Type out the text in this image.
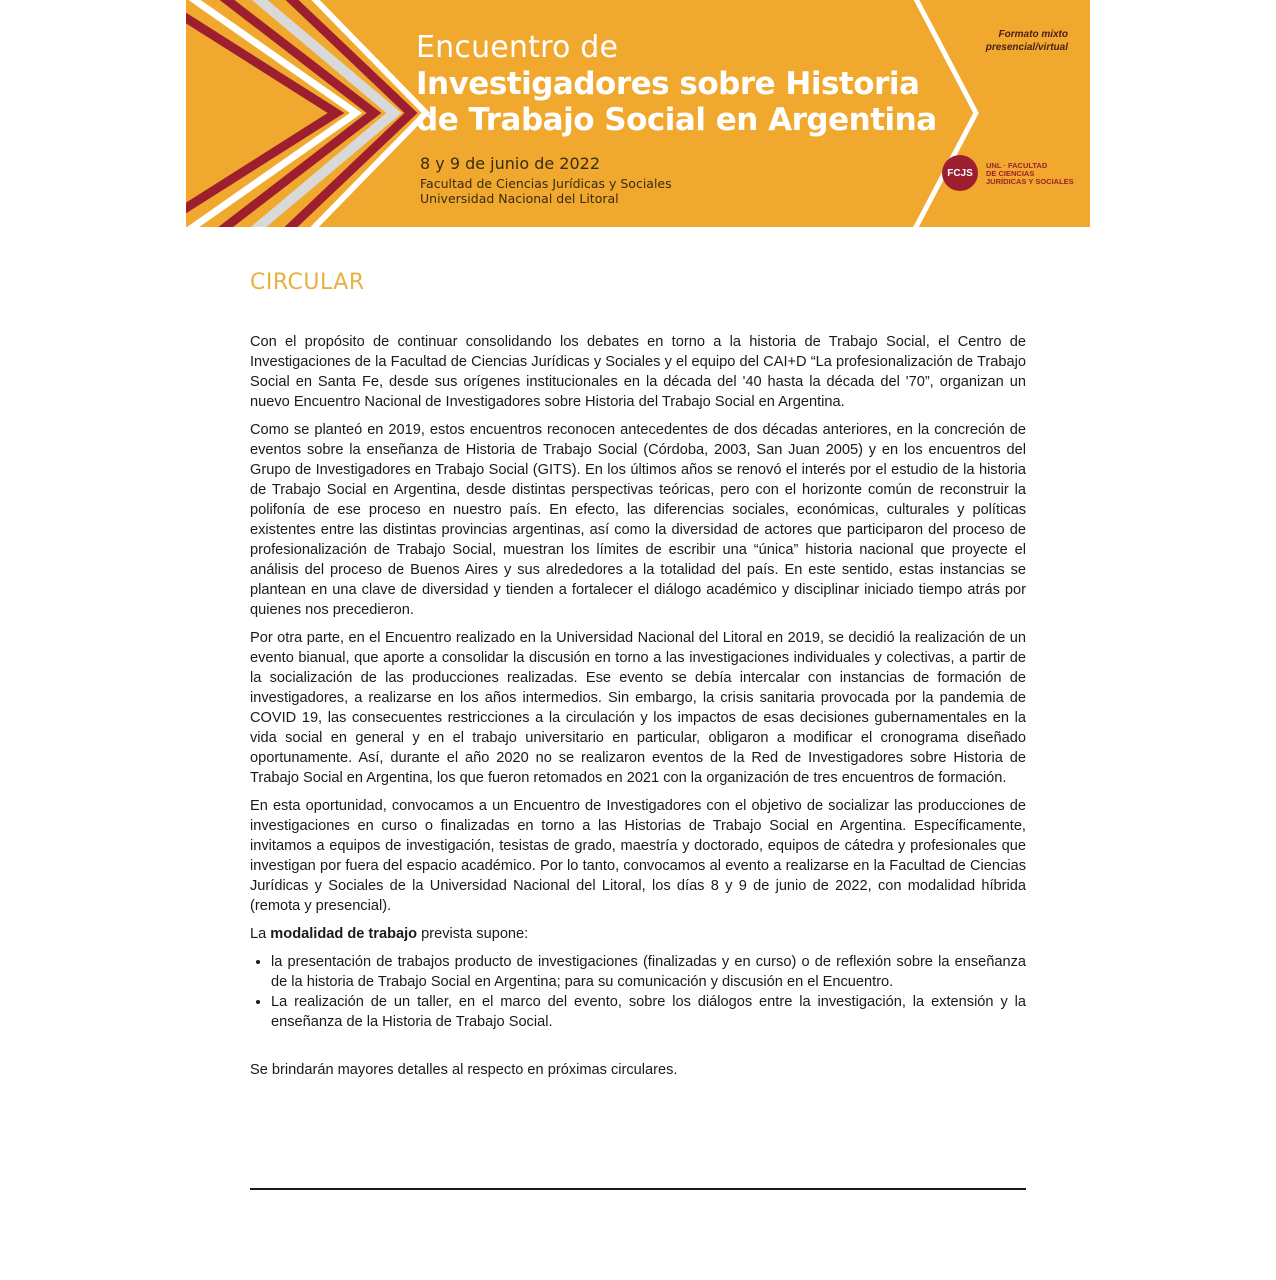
Encuentro de
Investigadores sobre Historia
de Trabajo Social en Argentina
8 y 9 de junio de 2022
Facultad de Ciencias Jurídicas y Sociales
Universidad Nacional del Litoral
Formato mixto
presencial/virtual
FCJS
UNL · FACULTAD
DE CIENCIAS
JURÍDICAS Y SOCIALES
CIRCULAR

Con el propósito de continuar consolidando los debates en torno a la historia de Trabajo Social, el Centro de Investigaciones de la Facultad de Ciencias Jurídicas y Sociales y el equipo del CAI+D “La profesionalización de Trabajo Social en Santa Fe, desde sus orígenes institucionales en la década del '40 hasta la década del '70”, organizan un nuevo Encuentro Nacional de Investigadores sobre Historia del Trabajo Social en Argentina.

Como se planteó en 2019, estos encuentros reconocen antecedentes de dos décadas anteriores, en la concreción de eventos sobre la enseñanza de Historia de Trabajo Social (Córdoba, 2003, San Juan 2005) y en los encuentros del Grupo de Investigadores en Trabajo Social (GITS). En los últimos años se renovó el interés por el estudio de la historia de Trabajo Social en Argentina, desde distintas perspectivas teóricas, pero con el horizonte común de reconstruir la polifonía de ese proceso en nuestro país. En efecto, las diferencias sociales, económicas, culturales y políticas existentes entre las distintas provincias argentinas, así como la diversidad de actores que participaron del proceso de profesionalización de Trabajo Social, muestran los límites de escribir una “única” historia nacional que proyecte el análisis del proceso de Buenos Aires y sus alrededores a la totalidad del país. En este sentido, estas instancias se plantean en una clave de diversidad y tienden a fortalecer el diálogo académico y disciplinar iniciado tiempo atrás por quienes nos precedieron.

Por otra parte, en el Encuentro realizado en la Universidad Nacional del Litoral en 2019, se decidió la realización de un evento bianual, que aporte a consolidar la discusión en torno a las investigaciones individuales y colectivas, a partir de la socialización de las producciones realizadas. Ese evento se debía intercalar con instancias de formación de investigadores, a realizarse en los años intermedios. Sin embargo, la crisis sanitaria provocada por la pandemia de COVID 19, las consecuentes restricciones a la circulación y los impactos de esas decisiones gubernamentales en la vida social en general y en el trabajo universitario en particular, obligaron a modificar el cronograma diseñado oportunamente. Así, durante el año 2020 no se realizaron eventos de la Red de Investigadores sobre Historia de Trabajo Social en Argentina, los que fueron retomados en 2021 con la organización de tres encuentros de formación.

En esta oportunidad, convocamos a un Encuentro de Investigadores con el objetivo de socializar las producciones de investigaciones en curso o finalizadas en torno a las Historias de Trabajo Social en Argentina. Específicamente, invitamos a equipos de investigación, tesistas de grado, maestría y doctorado, equipos de cátedra y profesionales que investigan por fuera del espacio académico. Por lo tanto, convocamos al evento a realizarse en la Facultad de Ciencias Jurídicas y Sociales de la Universidad Nacional del Litoral, los días 8 y 9 de junio de 2022, con modalidad híbrida (remota y presencial).

La modalidad de trabajo prevista supone:

• la presentación de trabajos producto de investigaciones (finalizadas y en curso) o de reflexión sobre la enseñanza de la historia de Trabajo Social en Argentina; para su comunicación y discusión en el Encuentro.
• La realización de un taller, en el marco del evento, sobre los diálogos entre la investigación, la extensión y la enseñanza de la Historia de Trabajo Social.

Se brindarán mayores detalles al respecto en próximas circulares.
